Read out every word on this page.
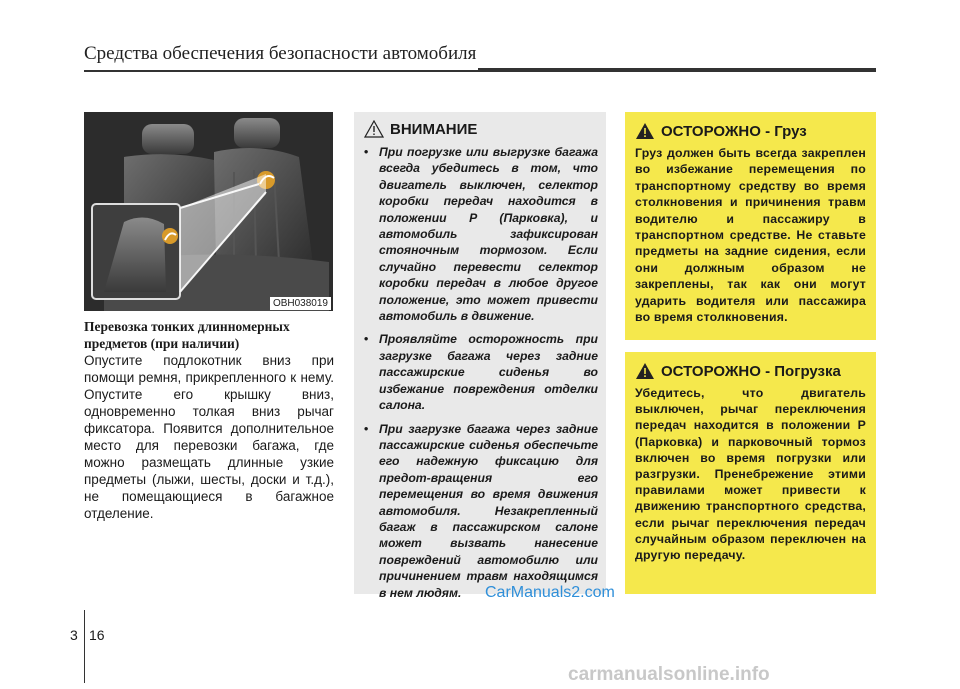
Средства обеспечения безопасности автомобиля
OBH038019
Перевозка тонких длинномерных предметов (при наличии)
Опустите подлокотник вниз при помощи ремня, прикрепленного к нему. Опустите его крышку вниз, одновременно толкая вниз рычаг фиксатора. Появится дополнительное место для перевозки багажа, где можно размещать длинные узкие предметы (лыжи, шесты, доски и т.д.), не помещающиеся в багажное отделение.
ВНИМАНИЕ
• При погрузке или выгрузке багажа всегда убедитесь в том, что двигатель выключен, селектор коробки передач находится в положении P (Парковка), и автомобиль зафиксирован стояночным тормозом. Если случайно перевести селектор коробки передач в любое другое положение, это может привести автомобиль в движение.
• Проявляйте осторожность при загрузке багажа через задние пассажирские сиденья во избежание повреждения отделки салона.
• При загрузке багажа через задние пассажирские сиденья обеспечьте его надежную фиксацию для предот-вращения его перемещения во время движения автомобиля. Незакрепленный багаж в пассажирском салоне может вызвать нанесение повреждений автомобилю или причинением травм находящимся в нем людям.
ОСТОРОЖНО - Груз
Груз должен быть всегда закреплен во избежание перемещения по транспортному средству во время столкновения и причинения травм водителю и пассажиру в транспортном средстве. Не ставьте предметы на задние сидения, если они должным образом не закреплены, так как они могут ударить водителя или пассажира во время столкновения.
ОСТОРОЖНО - Погрузка
Убедитесь, что двигатель выключен, рычаг переключения передач находится в положении P (Парковка) и парковочный тормоз включен во время погрузки или разгрузки. Пренебрежение этими правилами может привести к движению транспортного средства, если рычаг переключения передач случайным образом переключен на другую передачу.
3 16
CarManuals2.com
carmanualsonline.info
